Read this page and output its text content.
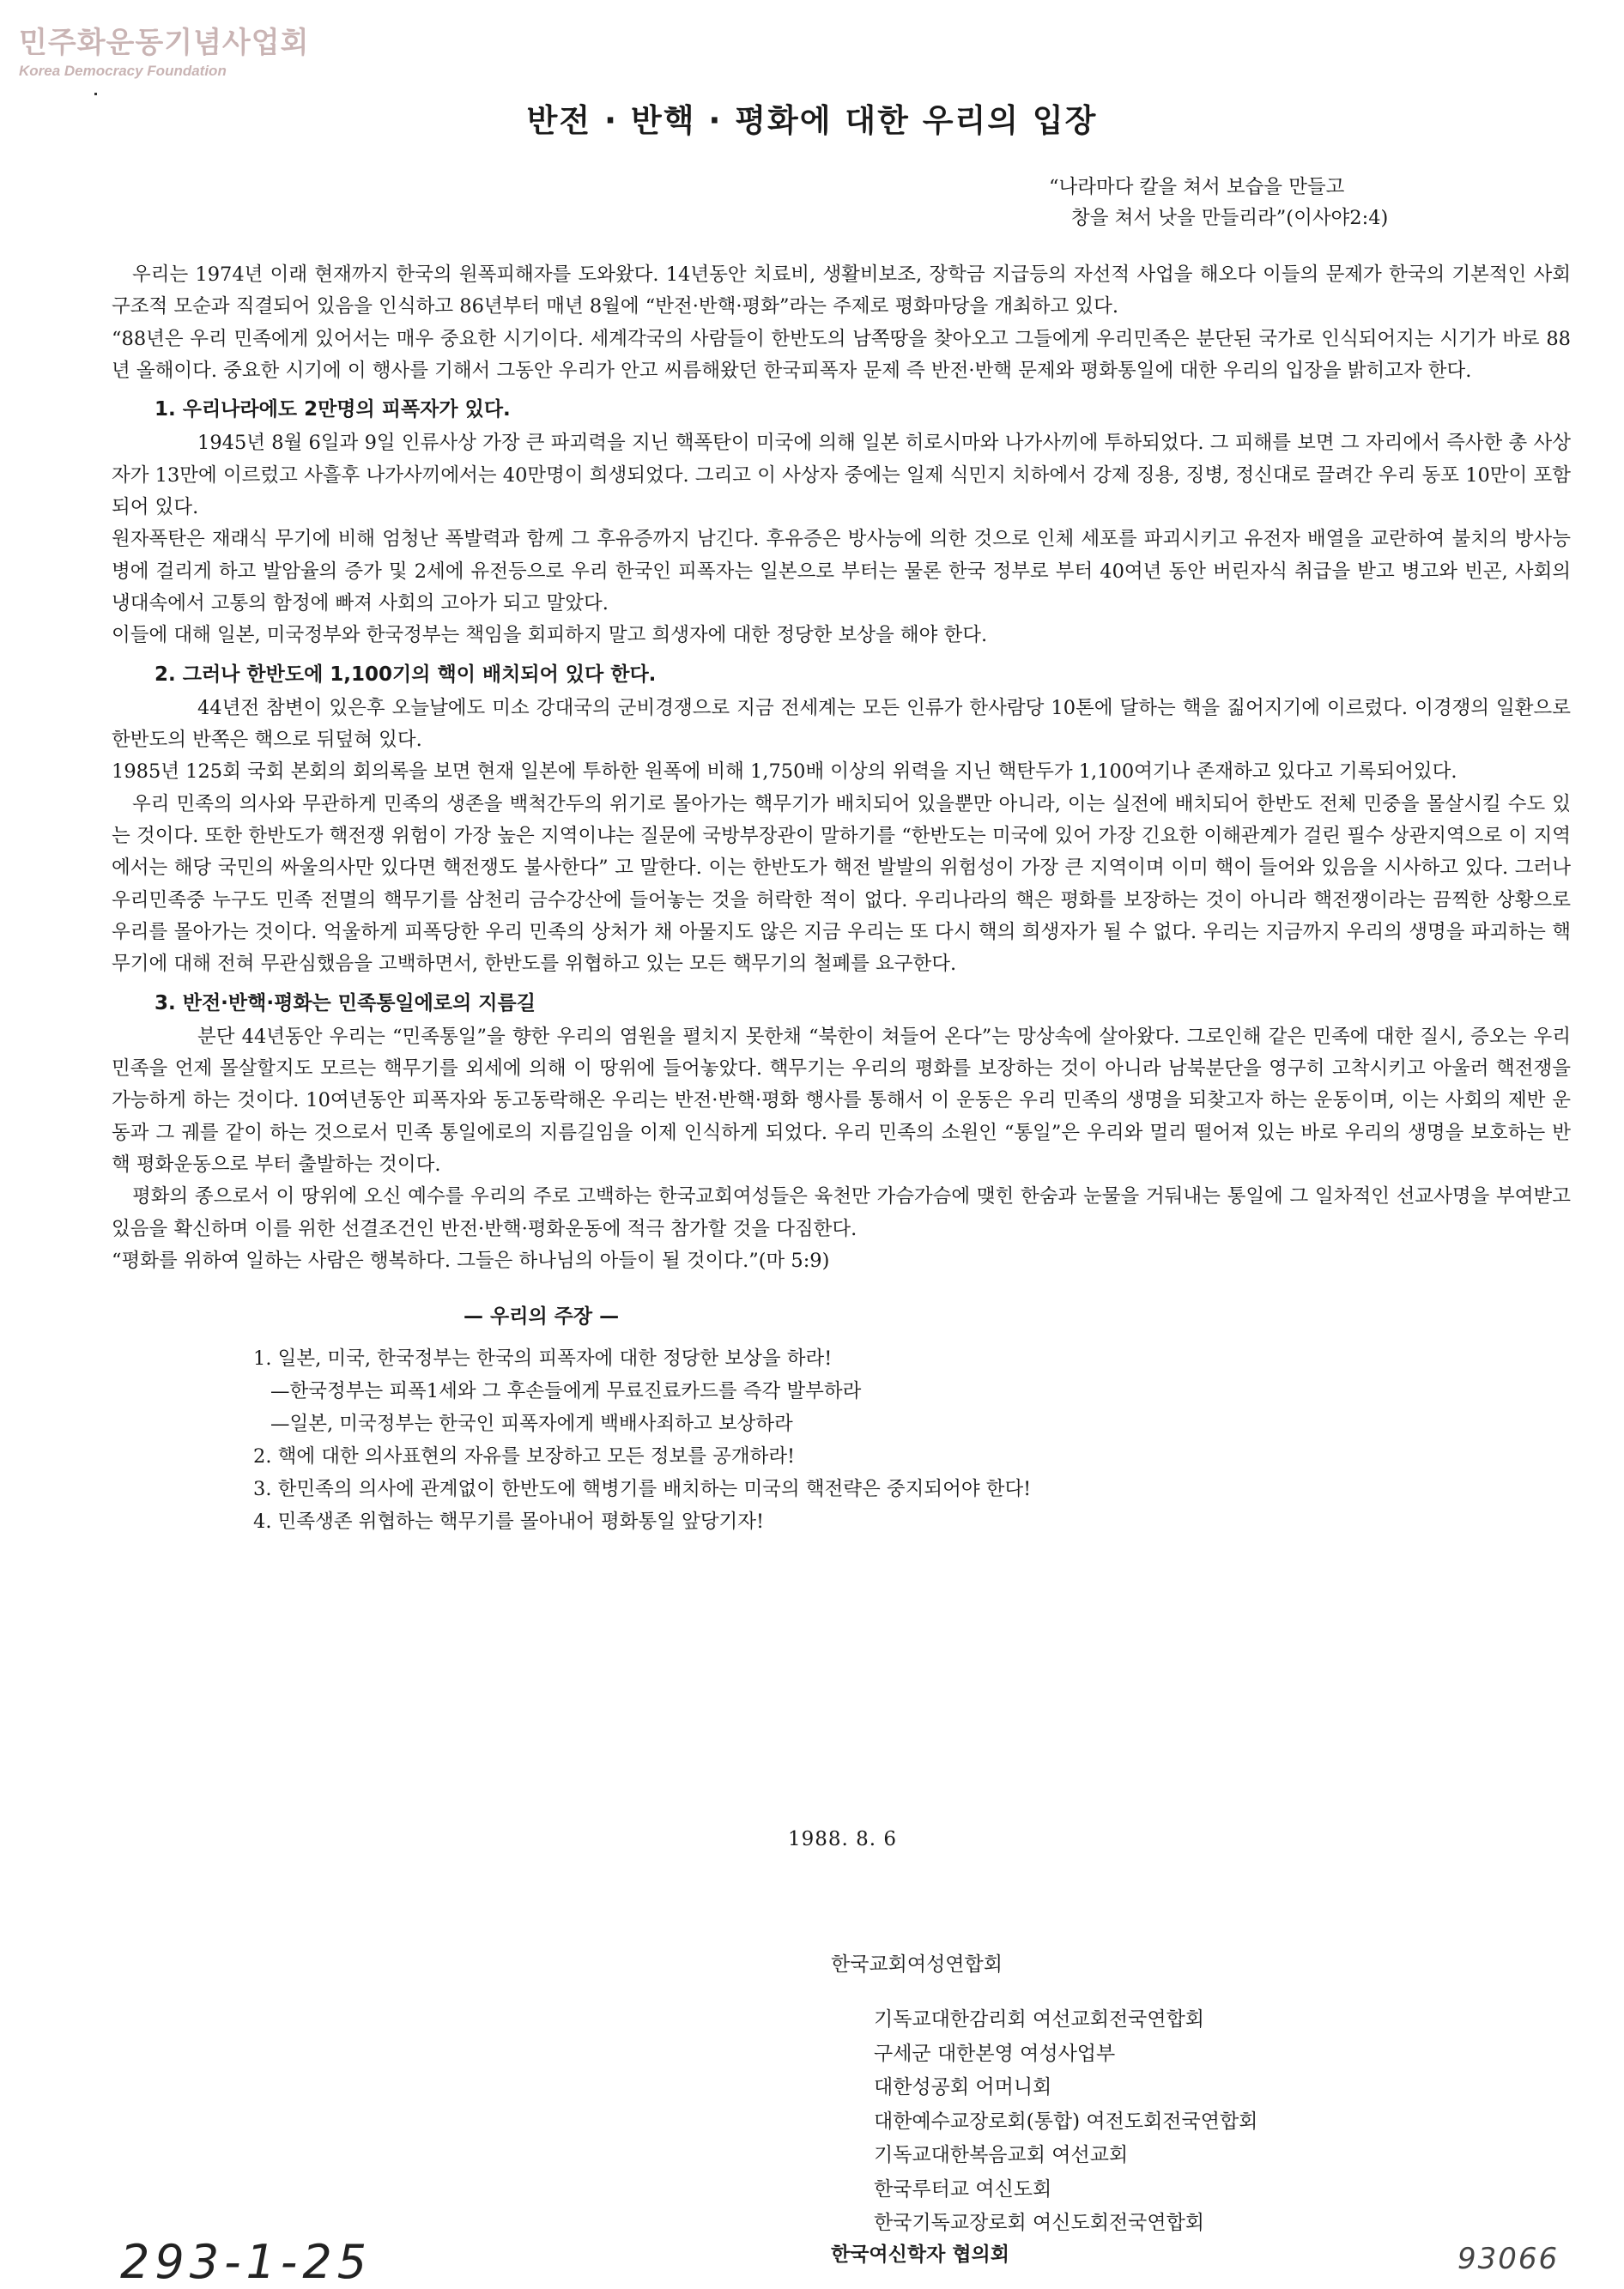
민주화운동기념사업회
Korea Democracy Foundation
반전 · 반핵 · 평화에 대한 우리의 입장
“나라마다 칼을 쳐서 보습을 만들고
창을 쳐서 낫을 만들리라”(이사야2:4)

우리는 1974년 이래 현재까지 한국의 원폭피해자를 도와왔다. 14년동안 치료비, 생활비보조, 장학금 지급등의 자선적 사업을 해오다 이들의 문제가 한국의 기본적인 사회구조적 모순과 직결되어 있음을 인식하고 86년부터 매년 8월에 “반전·반핵·평화”라는 주제로 평화마당을 개최하고 있다.

“88년은 우리 민족에게 있어서는 매우 중요한 시기이다. 세계각국의 사람들이 한반도의 남쪽땅을 찾아오고 그들에게 우리민족은 분단된 국가로 인식되어지는 시기가 바로 88년 올해이다. 중요한 시기에 이 행사를 기해서 그동안 우리가 안고 씨름해왔던 한국피폭자 문제 즉 반전·반핵 문제와 평화통일에 대한 우리의 입장을 밝히고자 한다.

1. 우리나라에도 2만명의 피폭자가 있다.

1945년 8월 6일과 9일 인류사상 가장 큰 파괴력을 지닌 핵폭탄이 미국에 의해 일본 히로시마와 나가사끼에 투하되었다. 그 피해를 보면 그 자리에서 즉사한 총 사상자가 13만에 이르렀고 사흘후 나가사끼에서는 40만명이 희생되었다. 그리고 이 사상자 중에는 일제 식민지 치하에서 강제 징용, 징병, 정신대로 끌려간 우리 동포 10만이 포함되어 있다.

원자폭탄은 재래식 무기에 비해 엄청난 폭발력과 함께 그 후유증까지 남긴다. 후유증은 방사능에 의한 것으로 인체 세포를 파괴시키고 유전자 배열을 교란하여 불치의 방사능병에 걸리게 하고 발암율의 증가 및 2세에 유전등으로 우리 한국인 피폭자는 일본으로 부터는 물론 한국 정부로 부터 40여년 동안 버린자식 취급을 받고 병고와 빈곤, 사회의 냉대속에서 고통의 함정에 빠져 사회의 고아가 되고 말았다.

이들에 대해 일본, 미국정부와 한국정부는 책임을 회피하지 말고 희생자에 대한 정당한 보상을 해야 한다.

2. 그러나 한반도에 1,100기의 핵이 배치되어 있다 한다.

44년전 참변이 있은후 오늘날에도 미소 강대국의 군비경쟁으로 지금 전세계는 모든 인류가 한사람당 10톤에 달하는 핵을 짊어지기에 이르렀다. 이경쟁의 일환으로 한반도의 반쪽은 핵으로 뒤덮혀 있다.

1985년 125회 국회 본회의 회의록을 보면 현재 일본에 투하한 원폭에 비해 1,750배 이상의 위력을 지닌 핵탄두가 1,100여기나 존재하고 있다고 기록되어있다.

우리 민족의 의사와 무관하게 민족의 생존을 백척간두의 위기로 몰아가는 핵무기가 배치되어 있을뿐만 아니라, 이는 실전에 배치되어 한반도 전체 민중을 몰살시킬 수도 있는 것이다. 또한 한반도가 핵전쟁 위험이 가장 높은 지역이냐는 질문에 국방부장관이 말하기를 “한반도는 미국에 있어 가장 긴요한 이해관계가 걸린 필수 상관지역으로 이 지역에서는 해당 국민의 싸울의사만 있다면 핵전쟁도 불사한다” 고 말한다. 이는 한반도가 핵전 발발의 위험성이 가장 큰 지역이며 이미 핵이 들어와 있음을 시사하고 있다. 그러나 우리민족중 누구도 민족 전멸의 핵무기를 삼천리 금수강산에 들어놓는 것을 허락한 적이 없다. 우리나라의 핵은 평화를 보장하는 것이 아니라 핵전쟁이라는 끔찍한 상황으로 우리를 몰아가는 것이다. 억울하게 피폭당한 우리 민족의 상처가 채 아물지도 않은 지금 우리는 또 다시 핵의 희생자가 될 수 없다. 우리는 지금까지 우리의 생명을 파괴하는 핵무기에 대해 전혀 무관심했음을 고백하면서, 한반도를 위협하고 있는 모든 핵무기의 철폐를 요구한다.

3. 반전·반핵·평화는 민족통일에로의 지름길

분단 44년동안 우리는 “민족통일”을 향한 우리의 염원을 펼치지 못한채 “북한이 쳐들어 온다”는 망상속에 살아왔다. 그로인해 같은 민족에 대한 질시, 증오는 우리 민족을 언제 몰살할지도 모르는 핵무기를 외세에 의해 이 땅위에 들어놓았다. 핵무기는 우리의 평화를 보장하는 것이 아니라 남북분단을 영구히 고착시키고 아울러 핵전쟁을 가능하게 하는 것이다. 10여년동안 피폭자와 동고동락해온 우리는 반전·반핵·평화 행사를 통해서 이 운동은 우리 민족의 생명을 되찾고자 하는 운동이며, 이는 사회의 제반 운동과 그 궤를 같이 하는 것으로서 민족 통일에로의 지름길임을 이제 인식하게 되었다. 우리 민족의 소원인 “통일”은 우리와 멀리 떨어져 있는 바로 우리의 생명을 보호하는 반핵 평화운동으로 부터 출발하는 것이다.

평화의 종으로서 이 땅위에 오신 예수를 우리의 주로 고백하는 한국교회여성들은 육천만 가슴가슴에 맺힌 한숨과 눈물을 거둬내는 통일에 그 일차적인 선교사명을 부여받고 있음을 확신하며 이를 위한 선결조건인 반전·반핵·평화운동에 적극 참가할 것을 다짐한다.

“평화를 위하여 일하는 사람은 행복하다. 그들은 하나님의 아들이 될 것이다.”(마 5:9)

— 우리의 주장 —
1. 일본, 미국, 한국정부는 한국의 피폭자에 대한 정당한 보상을 하라!
—한국정부는 피폭1세와 그 후손들에게 무료진료카드를 즉각 발부하라
—일본, 미국정부는 한국인 피폭자에게 백배사죄하고 보상하라
2. 핵에 대한 의사표현의 자유를 보장하고 모든 정보를 공개하라!
3. 한민족의 의사에 관계없이 한반도에 핵병기를 배치하는 미국의 핵전략은 중지되어야 한다!
4. 민족생존 위협하는 핵무기를 몰아내어 평화통일 앞당기자!
1988. 8. 6
한국교회여성연합회
기독교대한감리회 여선교회전국연합회
구세군 대한본영 여성사업부
대한성공회 어머니회
대한예수교장로회(통합) 여전도회전국연합회
기독교대한복음교회 여선교회
한국루터교 여신도회
한국기독교장로회 여신도회전국연합회
한국여신학자 협의회
293-1-25	93066
